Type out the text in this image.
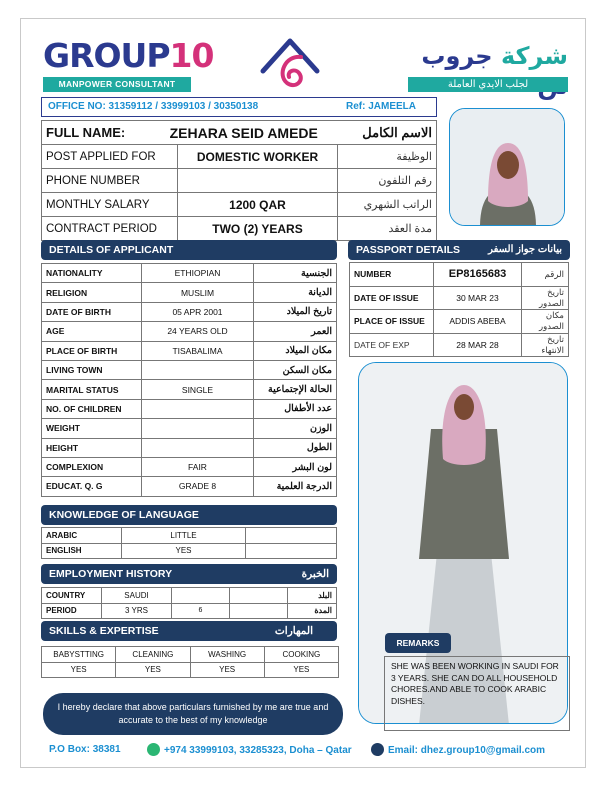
GROUP10
MANPOWER CONSULTANT
شركة جروب
لجلب الايدي العاملة
OFFICE NO: 31359112 / 33999103 / 30350138	Ref: JAMEELA
FULL NAME: ZEHARA SEID AMEDE الاسم الكامل		

POST APPLIED FOR	DOMESTIC WORKER	الوظيفة
PHONE NUMBER		رقم التلفون
MONTHLY SALARY	1200 QAR	الراتب الشهري
CONTRACT PERIOD	TWO (2) YEARS	مدة العقد
DETAILS OF APPLICANT
NATIONALITY	ETHIOPIAN	الجنسية
RELIGION	MUSLIM	الديانة
DATE OF BIRTH	05 APR 2001	تاريخ الميلاد
AGE	24 YEARS OLD	العمر
PLACE OF BIRTH	TISABALIMA	مكان الميلاد
LIVING TOWN		مكان السكن
MARITAL STATUS	SINGLE	الحالة الإجتماعية
NO. OF CHILDREN		عدد الأطفال
WEIGHT		الوزن
HEIGHT		الطول
COMPLEXION	FAIR	لون البشر
EDUCAT. Q. G	GRADE 8	الدرجة العلمية
PASSPORT DETAILS	بيانات جواز السفر
NUMBER	EP8165683	الرقم
DATE OF ISSUE	30 MAR 23	تاريخ الصدور
PLACE OF ISSUE	ADDIS ABEBA	مكان الصدور
DATE OF EXP	28 MAR 28	تاريخ الانتهاء
KNOWLEDGE OF LANGUAGE
ARABIC	LITTLE	
ENGLISH	YES	
EMPLOYMENT HISTORY	الخبرة
COUNTRY	SAUDI			البلد
PERIOD	3 YRS	6		المدة
SKILLS & EXPERTISE	المهارات
BABYSTTING	CLEANING	WASHING	COOKING
YES	YES	YES	YES
REMARKS
SHE WAS BEEN WORKING IN SAUDI FOR 3 YEARS. SHE CAN DO ALL HOUSEHOLD CHORES.AND ABLE TO COOK ARABIC DISHES.
I hereby declare that above particulars furnished by me are true and accurate to the best of my knowledge
P.O Box: 38381	+974 33999103, 33285323, Doha – Qatar	Email: dhez.group10@gmail.com
